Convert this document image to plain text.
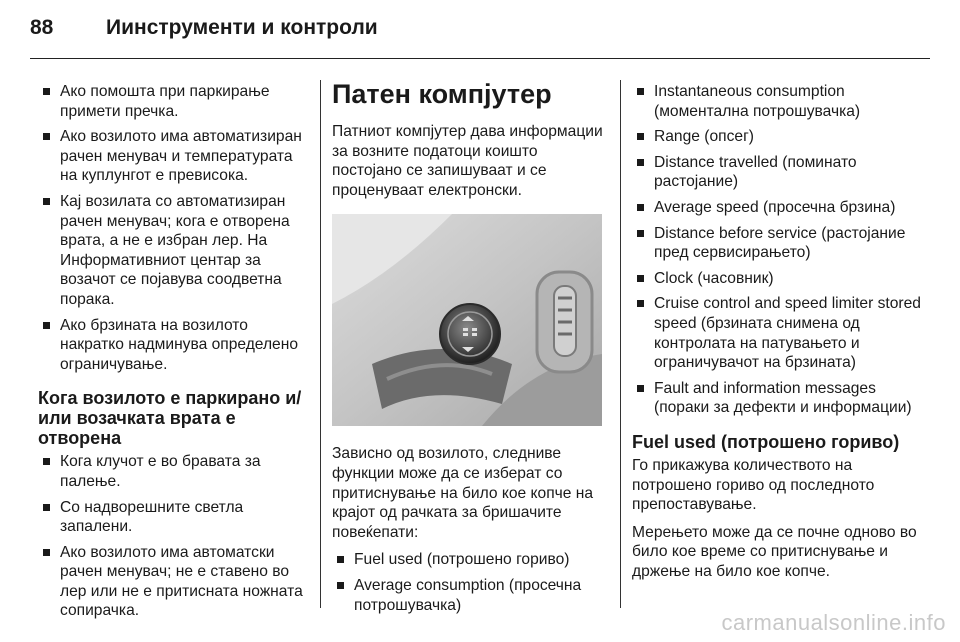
88	Иинструменти и контроли
Ако помошта при паркирање примети пречка.
Ако возилото има автоматизиран рачен менувач и температурата на куплунгот е превисока.
Кај возилата со автоматизиран рачен менувач; кога е отворена врата, а не е избран лер. На Информативниот центар за возачот се појавува соодветна порака.
Ако брзината на возилото накратко надминува определено ограничување.
Кога возилото е паркирано и/или возачката врата е отворена
Кога клучот е во бравата за палење.
Со надворешните светла запалени.
Ако возилото има автоматски рачен менувач; не е ставено во лер или не е притисната ножната сопирачка.
Патен компјутер

Патниот компјутер дава информации за возните податоци коишто постојано се запишуваат и се проценуваат електронски.

Зависно од возилото, следниве функции може да се изберат со притиснување на било кое копче на крајот од рачката за бришачите повеќепати:

Fuel used (потрошено гориво)
Average consumption (просечна потрошувачка)
Instantaneous consumption (моментална потрошувачка)
Range (опсег)
Distance travelled (поминато растојание)
Average speed (просечна брзина)
Distance before service (растојание пред сервисирањето)
Clock (часовник)
Cruise control and speed limiter stored speed (брзината снимена од контролата на патувањето и ограничувачот на брзината)
Fault and information messages (пораки за дефекти и информации)
Fuel used (потрошено гориво)

Го прикажува количеството на потрошено гориво од последното препоставување.

Мерењето може да се почне одново во било кое време со притиснување и држење на било кое копче.

carmanualsonline.info
